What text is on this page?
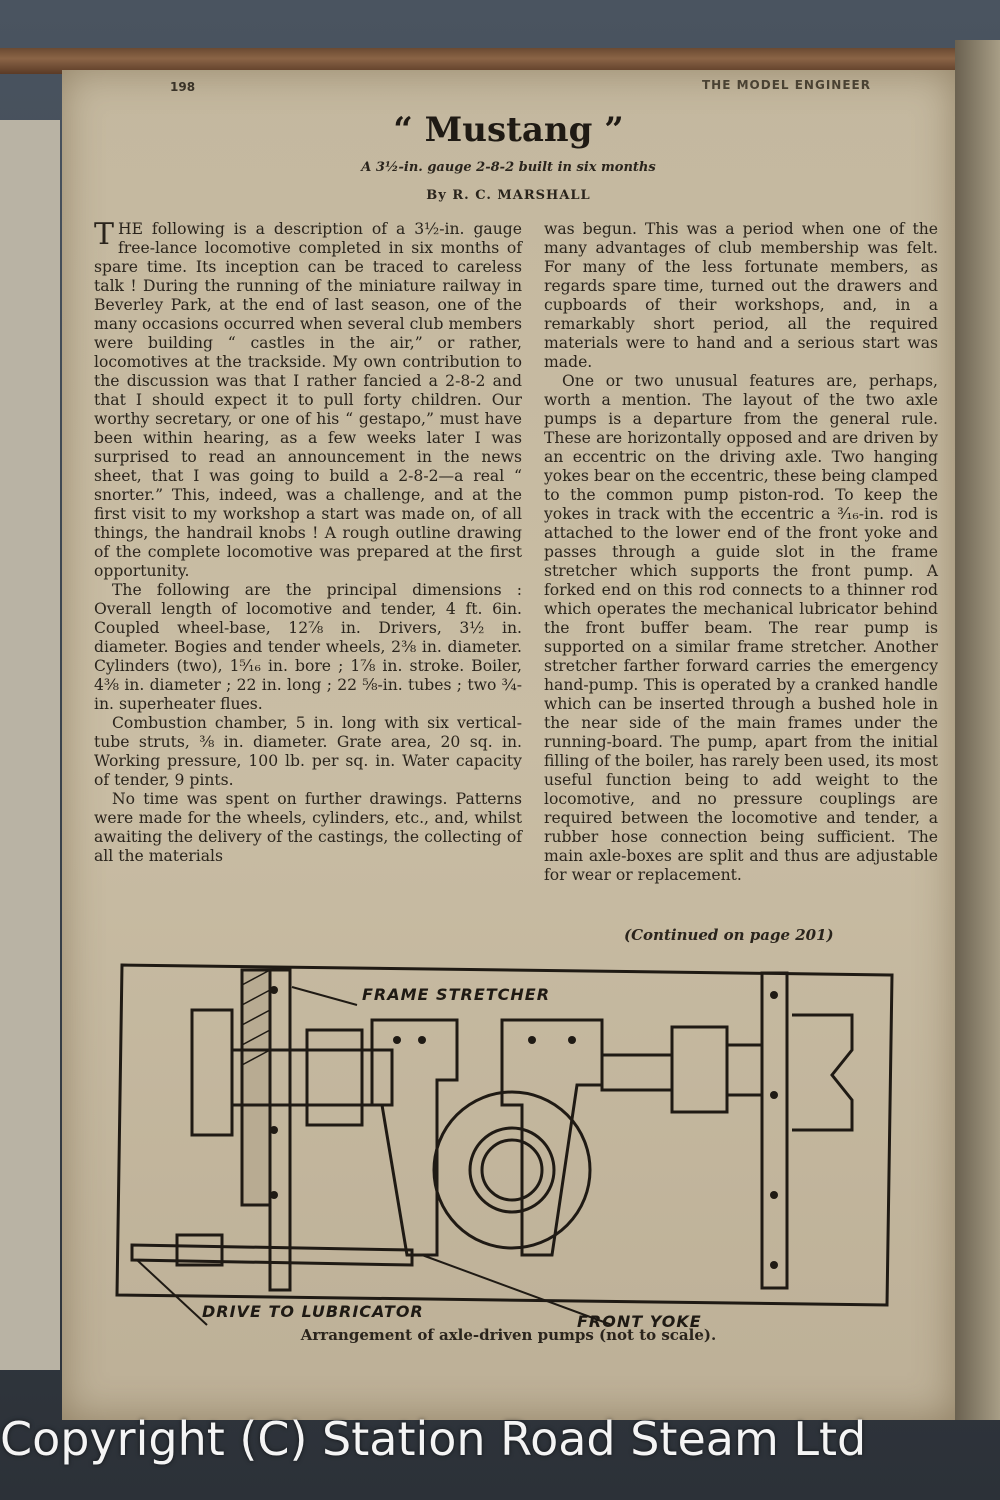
198	THE MODEL ENGINEER
“ Mustang ”
A 3½-in. gauge 2-8-2 built in six months
By R. C. MARSHALL

THE following is a description of a 3½-in. gauge free-lance locomotive completed in six months of spare time. Its inception can be traced to careless talk ! During the running of the miniature railway in Beverley Park, at the end of last season, one of the many occasions occurred when several club members were building “ castles in the air,” or rather, locomotives at the trackside. My own contribution to the discussion was that I rather fancied a 2-8-2 and that I should expect it to pull forty children. Our worthy secretary, or one of his “ gestapo,” must have been within hearing, as a few weeks later I was surprised to read an announcement in the news sheet, that I was going to build a 2-8-2—a real “ snorter.” This, indeed, was a challenge, and at the first visit to my workshop a start was made on, of all things, the handrail knobs ! A rough outline drawing of the complete locomotive was prepared at the first opportunity.

The following are the principal dimensions : Overall length of locomotive and tender, 4 ft. 6in. Coupled wheel-base, 12⅞ in. Drivers, 3½ in. diameter. Bogies and tender wheels, 2⅜ in. diameter. Cylinders (two), 1⁵⁄₁₆ in. bore ; 1⅞ in. stroke. Boiler, 4⅜ in. diameter ; 22 in. long ; 22 ⅝-in. tubes ; two ¾-in. superheater flues.

Combustion chamber, 5 in. long with six vertical-tube struts, ⅜ in. diameter. Grate area, 20 sq. in. Working pressure, 100 lb. per sq. in. Water capacity of tender, 9 pints.

No time was spent on further drawings. Patterns were made for the wheels, cylinders, etc., and, whilst awaiting the delivery of the castings, the collecting of all the materials

was begun. This was a period when one of the many advantages of club membership was felt. For many of the less fortunate members, as regards spare time, turned out the drawers and cupboards of their workshops, and, in a remarkably short period, all the required materials were to hand and a serious start was made.

One or two unusual features are, perhaps, worth a mention. The layout of the two axle pumps is a departure from the general rule. These are horizontally opposed and are driven by an eccentric on the driving axle. Two hanging yokes bear on the eccentric, these being clamped to the common pump piston-rod. To keep the yokes in track with the eccentric a ³⁄₁₆-in. rod is attached to the lower end of the front yoke and passes through a guide slot in the frame stretcher which supports the front pump. A forked end on this rod connects to a thinner rod which operates the mechanical lubricator behind the front buffer beam. The rear pump is supported on a similar frame stretcher. Another stretcher farther forward carries the emergency hand-pump. This is operated by a cranked handle which can be inserted through a bushed hole in the near side of the main frames under the running-board. The pump, apart from the initial filling of the boiler, has rarely been used, its most useful function being to add weight to the locomotive, and no pressure couplings are required between the locomotive and tender, a rubber hose connection being sufficient. The main axle-boxes are split and thus are adjustable for wear or replacement.

(Continued on page 201)
FRAME STRETCHER
DRIVE TO LUBRICATOR
FRONT YOKE
Arrangement of axle-driven pumps (not to scale).
Copyright (C) Station Road Steam Ltd
